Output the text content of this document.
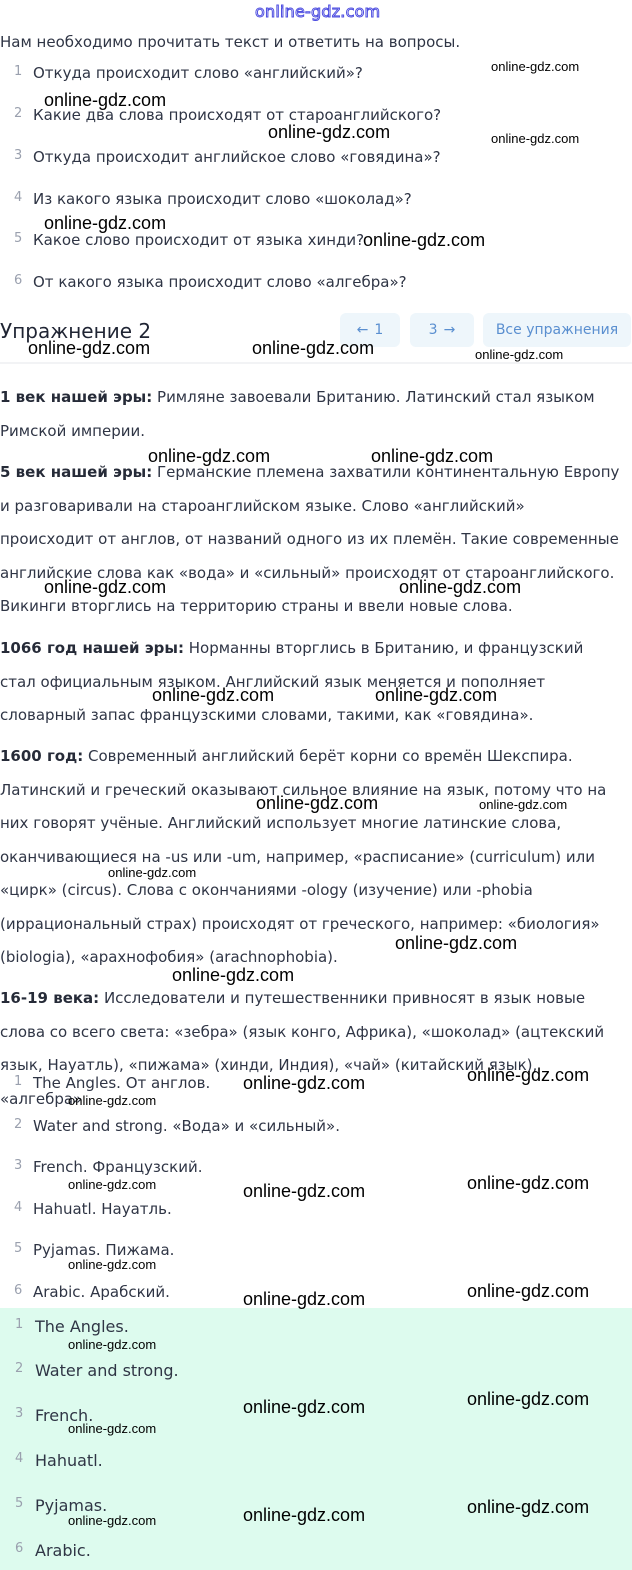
online-gdz.com
Нам необходимо прочитать текст и ответить на вопросы.
1 Откуда происходит слово «английский»?
2 Какие два слова происходят от староанглийского?
3 Откуда происходит английское слово «говядина»?
4 Из какого языка происходит слово «шоколад»?
5 Какое слово происходит от языка хинди?
6 От какого языка происходит слово «алгебра»?
Упражнение 2	← 1	3 →	Все упражнения
1 век нашей эры: Римляне завоевали Британию. Латинский стал языком Римской империи.
5 век нашей эры: Германские племена захватили континентальную Европу и разговаривали на староанглийском языке. Слово «английский» происходит от англов, от названий одного из их племён. Такие современные английские слова как «вода» и «сильный» происходят от староанглийского. Викинги вторглись на территорию страны и ввели новые слова.
1066 год нашей эры: Норманны вторглись в Британию, и французский стал официальным языком. Английский язык меняется и пополняет словарный запас французскими словами, такими, как «говядина».
1600 год: Современный английский берёт корни со времён Шекспира. Латинский и греческий оказывают сильное влияние на язык, потому что на них говорят учёные. Английский использует многие латинские слова, оканчивающиеся на -us или -um, например, «расписание» (curriculum) или «цирк» (circus). Слова с окончаниями -ology (изучение) или -phobia (иррациональный страх) происходят от греческого, например: «биология» (biologia), «арахнофобия» (arachnophobia).
16-19 века: Исследователи и путешественники привносят в язык новые слова со всего света: «зебра» (язык конго, Африка), «шоколад» (ацтекский язык, Науатль), «пижама» (хинди, Индия), «чай» (китайский язык), «алгебра»
1 The Angles. От англов.
2 Water and strong. «Вода» и «сильный».
3 French. Французский.
4 Hahuatl. Науатль.
5 Pyjamas. Пижама.
6 Arabic. Арабский.
1 The Angles.
2 Water and strong.
3 French.
4 Hahuatl.
5 Pyjamas.
6 Arabic.
online-gdz.com
online-gdz.com
online-gdz.com	online-gdz.com
online-gdz.com
online-gdz.com
online-gdz.com	online-gdz.com	online-gdz.com
online-gdz.com	online-gdz.com
online-gdz.com	online-gdz.com
online-gdz.com	online-gdz.com
online-gdz.com	online-gdz.com
online-gdz.com
online-gdz.com
online-gdz.com
online-gdz.com	online-gdz.com
online-gdz.com
online-gdz.com	online-gdz.com	online-gdz.com
online-gdz.com
online-gdz.com	online-gdz.com
online-gdz.com
online-gdz.com
online-gdz.com
online-gdz.com
online-gdz.com
online-gdz.com
online-gdz.com
